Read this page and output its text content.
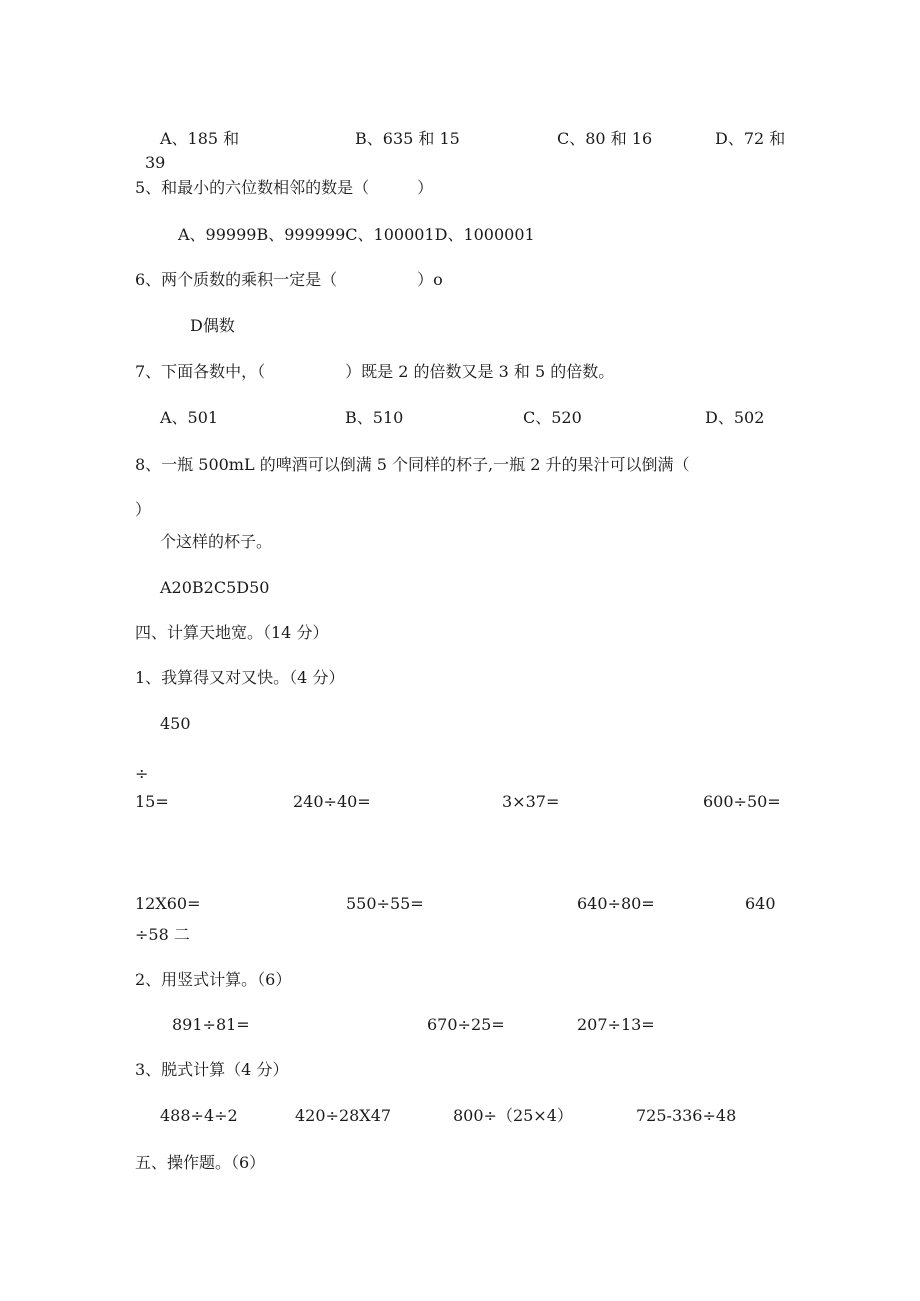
A、185 和	B、635 和 15	C、80 和 16	D、72 和
39
5、和最小的六位数相邻的数是（　　　）
A、99999B、999999C、100001D、1000001
6、两个质数的乘积一定是（　　　　　）o
D偶数
7、下面各数中，（　　　　　）既是 2 的倍数又是 3 和 5 的倍数。
A、501	B、510	C、520	D、502
8、一瓶 500mL 的啤酒可以倒满 5 个同样的杯子,一瓶 2 升的果汁可以倒满（
）
个这样的杯子。
A20B2C5D50
四、计算天地宽。（14 分）
1、我算得又对又快。（4 分）
450
÷
15=	240÷40=	3×37=	600÷50=
12X60=	550÷55=	640÷80=	640
÷58 二
2、用竖式计算。（6）
891÷81=	670÷25=	207÷13=
3、脱式计算（4 分）
488÷4÷2	420÷28X47	800÷（25×4）	725-336÷48
五、操作题。（6）
